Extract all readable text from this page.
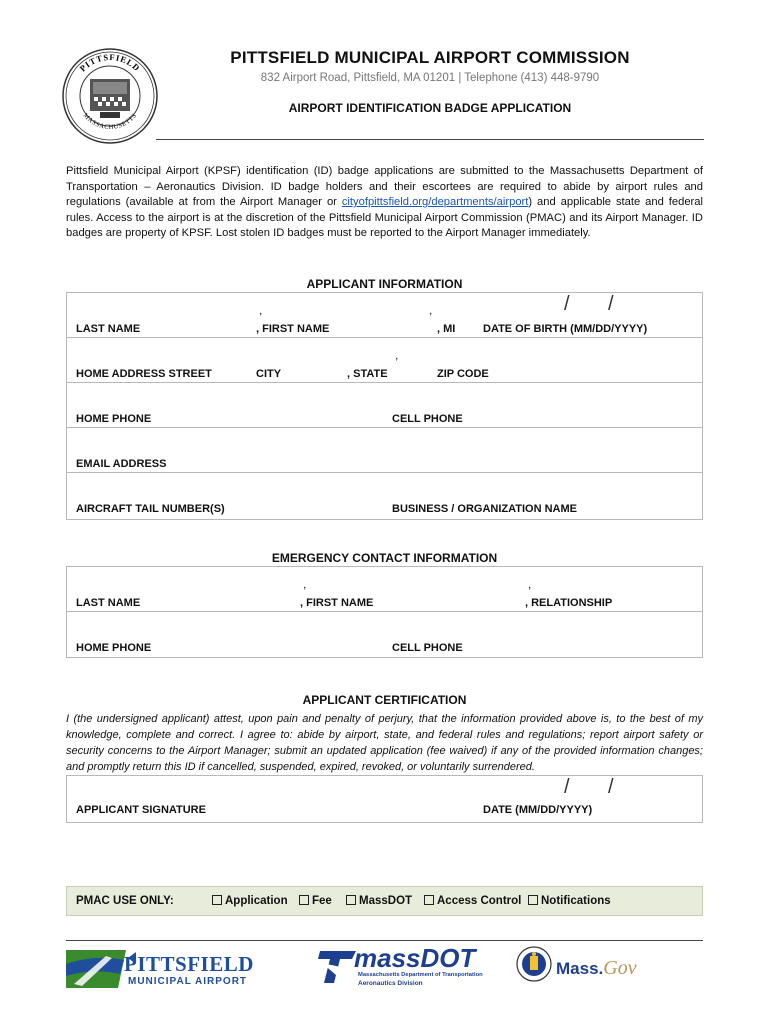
PITTSFIELD
MASSACHUSETTS
PITTSFIELD MUNICIPAL AIRPORT COMMISSION
832 Airport Road, Pittsfield, MA 01201 | Telephone (413) 448-9790
AIRPORT IDENTIFICATION BADGE APPLICATION
Pittsfield Municipal Airport (KPSF) identification (ID) badge applications are submitted to the Massachusetts Department of Transportation – Aeronautics Division. ID badge holders and their escortees are required to abide by airport rules and regulations (available at from the Airport Manager or cityofpittsfield.org/departments/airport) and applicable state and federal rules. Access to the airport is at the discretion of the Pittsfield Municipal Airport Commission (PMAC) and its Airport Manager. ID badges are property of KPSF. Lost stolen ID badges must be reported to the Airport Manager immediately.
APPLICANT INFORMATION
,	,	/ /
LAST NAME	, FIRST NAME	, MI	DATE OF BIRTH (MM/DD/YYYY)
,
HOME ADDRESS STREET	CITY	, STATE	ZIP CODE
HOME PHONE	CELL PHONE
EMAIL ADDRESS
AIRCRAFT TAIL NUMBER(S)	BUSINESS / ORGANIZATION NAME
EMERGENCY CONTACT INFORMATION
,	,
LAST NAME	, FIRST NAME	, RELATIONSHIP
HOME PHONE	CELL PHONE
APPLICANT CERTIFICATION
I (the undersigned applicant) attest, upon pain and penalty of perjury, that the information provided above is, to the best of my knowledge, complete and correct. I agree to: abide by airport, state, and federal rules and regulations; report airport safety or security concerns to the Airport Manager; submit an updated application (fee waived) if any of the provided information changes; and promptly return this ID if cancelled, suspended, expired, revoked, or voluntarily surrendered.
/ /
APPLICANT SIGNATURE	DATE (MM/DD/YYYY)
PMAC USE ONLY:	Application	Fee	MassDOT	Access Control	Notifications
PITTSFIELD
MUNICIPAL AIRPORT
massDOT
Massachusetts Department of Transportation
Aeronautics Division
Mass.Gov
